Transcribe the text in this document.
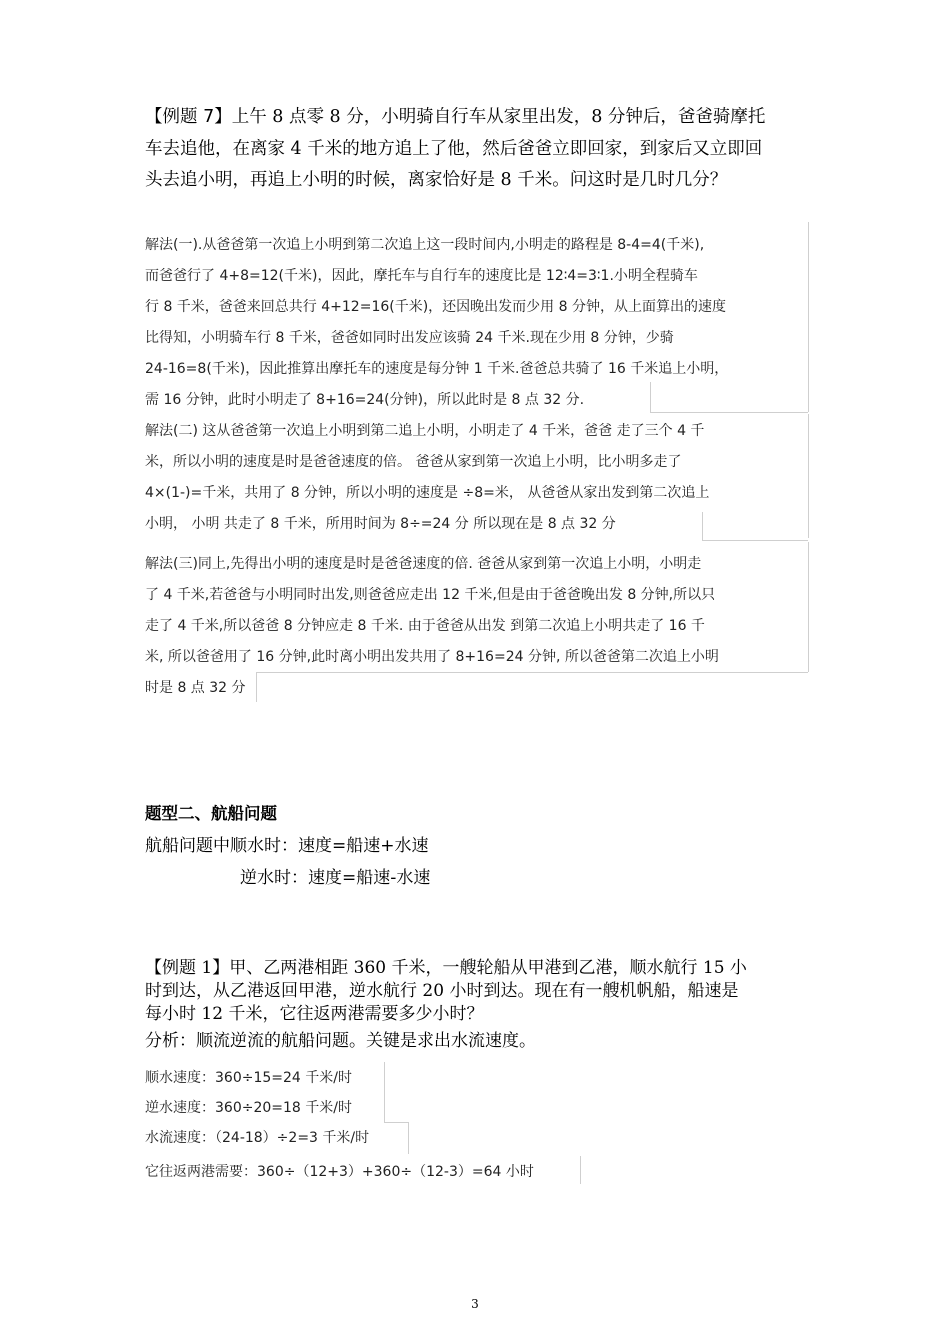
【例题 7】上午 8 点零 8 分，小明骑自行车从家里出发，8 分钟后，爸爸骑摩托
车去追他，在离家 4 千米的地方追上了他，然后爸爸立即回家，到家后又立即回
头去追小明，再追上小明的时候，离家恰好是 8 千米。问这时是几时几分？
解法(一).从爸爸第一次追上小明到第二次追上这一段时间内,小明走的路程是 8-4=4(千米),
而爸爸行了 4+8=12(千米)，因此，摩托车与自行车的速度比是 12∶4=3∶1.小明全程骑车
行 8 千米，爸爸来回总共行 4+12=16(千米)，还因晚出发而少用 8 分钟，从上面算出的速度
比得知，小明骑车行 8 千米，爸爸如同时出发应该骑 24 千米.现在少用 8 分钟，少骑
24-16=8(千米)，因此推算出摩托车的速度是每分钟 1 千米.爸爸总共骑了 16 千米追上小明，
需 16 分钟，此时小明走了 8+16=24(分钟)，所以此时是 8 点 32 分.
解法(二) 这从爸爸第一次追上小明到第二追上小明，小明走了 4 千米，爸爸 走了三个 4 千
米，所以小明的速度是时是爸爸速度的倍。 爸爸从家到第一次追上小明，比小明多走了
4×(1-)=千米，共用了 8 分钟，所以小明的速度是 ÷8=米， 从爸爸从家出发到第二次追上
小明， 小明 共走了 8 千米，所用时间为 8÷=24 分 所以现在是 8 点 32 分
解法(三)同上,先得出小明的速度是时是爸爸速度的倍. 爸爸从家到第一次追上小明，小明走
了 4 千米,若爸爸与小明同时出发,则爸爸应走出 12 千米,但是由于爸爸晚出发 8 分钟,所以只
走了 4 千米,所以爸爸 8 分钟应走 8 千米. 由于爸爸从出发 到第二次追上小明共走了 16 千
米, 所以爸爸用了 16 分钟,此时离小明出发共用了 8+16=24 分钟, 所以爸爸第二次追上小明
时是 8 点 32 分
题型二、航船问题
航船问题中顺水时：速度=船速+水速
逆水时：速度=船速-水速
【例题 1】甲、乙两港相距 360 千米，一艘轮船从甲港到乙港，顺水航行 15 小
时到达，从乙港返回甲港，逆水航行 20 小时到达。现在有一艘机帆船，船速是
每小时 12 千米，它往返两港需要多少小时？
分析：顺流逆流的航船问题。关键是求出水流速度。
顺水速度：360÷15=24 千米/时
逆水速度：360÷20=18 千米/时
水流速度：（24-18）÷2=3 千米/时
它往返两港需要：360÷（12+3）+360÷（12-3）=64 小时
3
